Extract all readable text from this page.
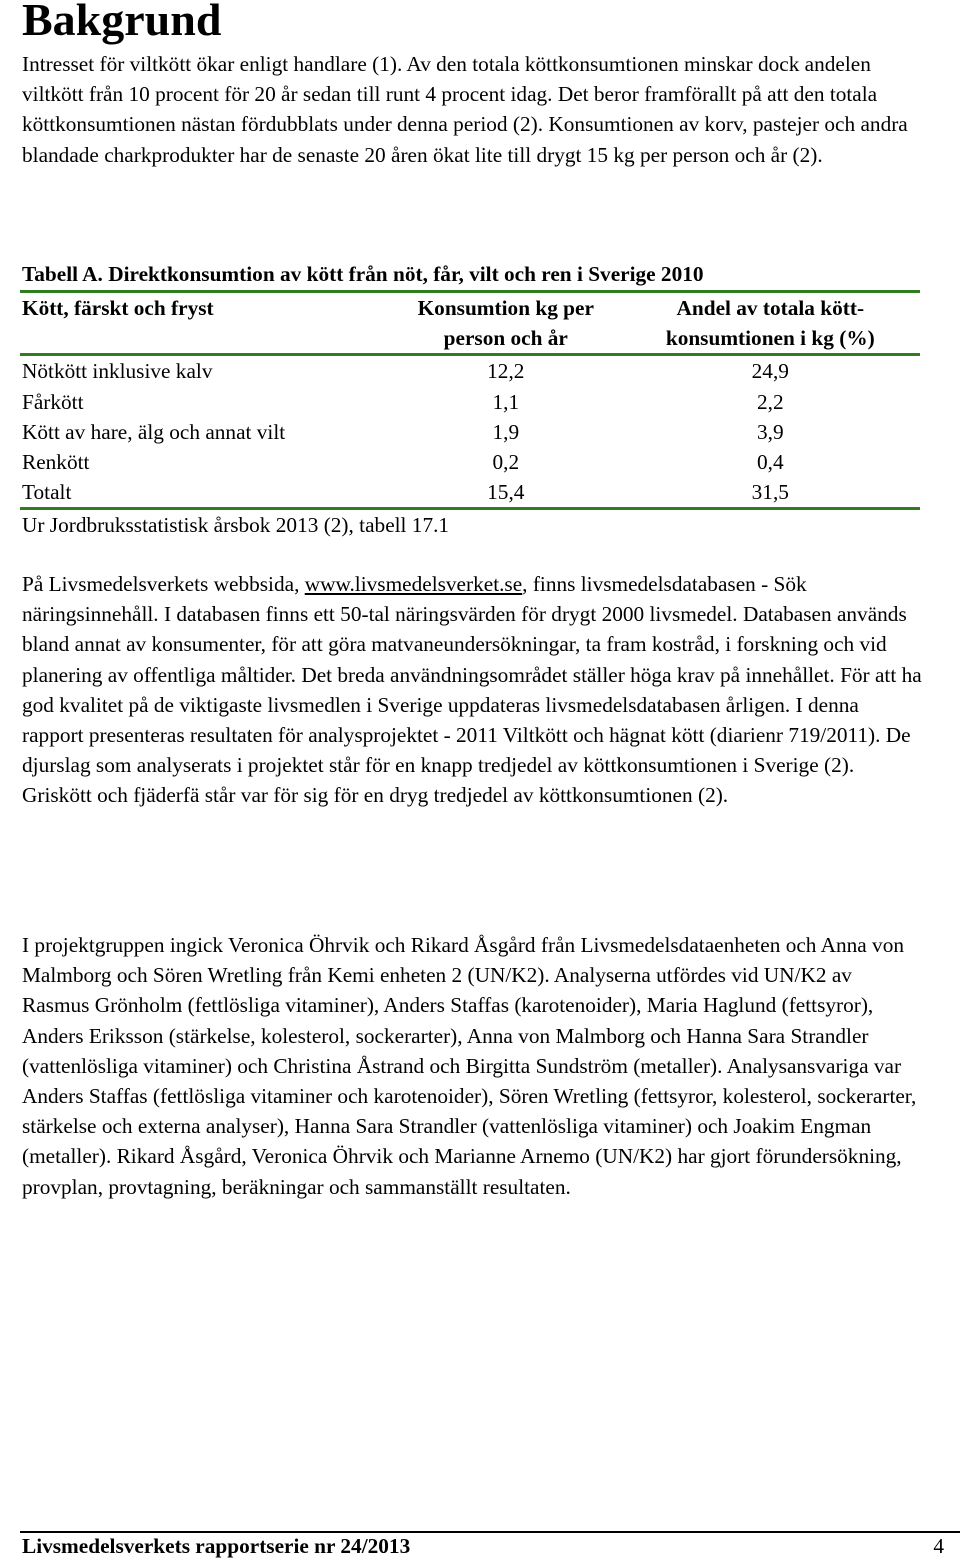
Bakgrund

Intresset för viltkött ökar enligt handlare (1). Av den totala köttkonsumtionen minskar dock andelen viltkött från 10 procent för 20 år sedan till runt 4 procent idag. Det beror framförallt på att den totala köttkonsumtionen nästan fördubblats under denna period (2). Konsumtionen av korv, pastejer och andra blandade charkprodukter har de senaste 20 åren ökat lite till drygt 15 kg per person och år (2).

Tabell A. Direktkonsumtion av kött från nöt, får, vilt och ren i Sverige 2010

Kött, färskt och fryst	Konsumtion kg per person och år	Andel av totala kött-konsumtionen i kg (%)
Nötkött inklusive kalv	12,2	24,9
Fårkött	1,1	2,2
Kött av hare, älg och annat vilt	1,9	3,9
Renkött	0,2	0,4
Totalt	15,4	31,5
Ur Jordbruksstatistisk årsbok 2013 (2), tabell 17.1		

På Livsmedelsverkets webbsida, www.livsmedelsverket.se, finns livsmedelsdatabasen - Sök näringsinnehåll. I databasen finns ett 50-tal näringsvärden för drygt 2000 livsmedel. Databasen används bland annat av konsumenter, för att göra matvaneundersökningar, ta fram kostråd, i forskning och vid planering av offentliga måltider. Det breda användningsområdet ställer höga krav på innehållet. För att ha god kvalitet på de viktigaste livsmedlen i Sverige uppdateras livsmedelsdatabasen årligen. I denna rapport presenteras resultaten för analysprojektet - 2011 Viltkött och hägnat kött (diarienr 719/2011). De djurslag som analyserats i projektet står för en knapp tredjedel av köttkonsumtionen i Sverige (2). Griskött och fjäderfä står var för sig för en dryg tredjedel av köttkonsumtionen (2).

I projektgruppen ingick Veronica Öhrvik och Rikard Åsgård från Livsmedelsdataenheten och Anna von Malmborg och Sören Wretling från Kemi enheten 2 (UN/K2). Analyserna utfördes vid UN/K2 av Rasmus Grönholm (fettlösliga vitaminer), Anders Staffas (karotenoider), Maria Haglund (fettsyror), Anders Eriksson (stärkelse, kolesterol, sockerarter), Anna von Malmborg och Hanna Sara Strandler (vattenlösliga vitaminer) och Christina Åstrand och Birgitta Sundström (metaller). Analysansvariga var Anders Staffas (fettlösliga vitaminer och karotenoider), Sören Wretling (fettsyror, kolesterol, sockerarter, stärkelse och externa analyser), Hanna Sara Strandler (vattenlösliga vitaminer) och Joakim Engman (metaller). Rikard Åsgård, Veronica Öhrvik och Marianne Arnemo (UN/K2) har gjort förundersökning, provplan, provtagning, beräkningar och sammanställt resultaten.

Livsmedelsverkets rapportserie nr 24/2013	4
